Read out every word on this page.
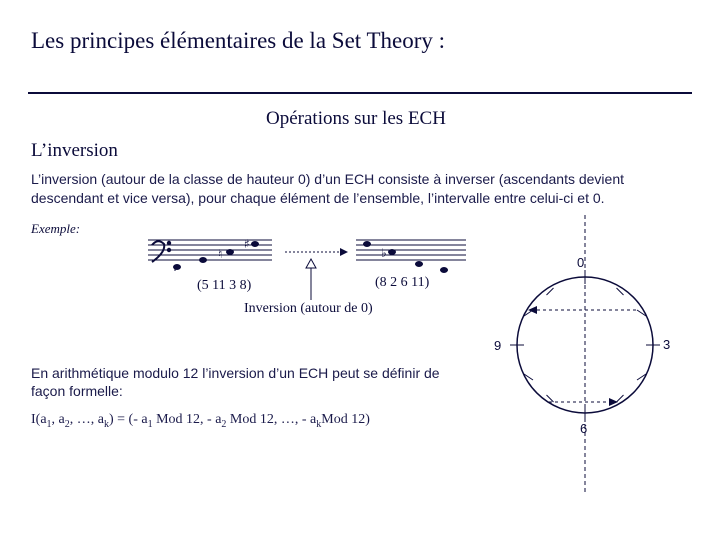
Les principes élémentaires de la Set Theory :
Opérations sur les ECH
L’inversion
L’inversion (autour de la classe de hauteur 0) d’un ECH consiste à inverser (ascendants devient
descendant et vice versa), pour chaque élément de l’ensemble, l’intervalle entre celui-ci et 0.
Exemple:
♮
♯
♭
0
3
6
9
(5 11 3 8)	(8 2 6 11)
Inversion (autour de 0)
En arithmétique modulo 12 l’inversion d’un ECH peut se définir de
façon formelle:
$I(a_1$, $a_2$, …, $a_k$) = (- $a_1$ Mod 12, - $a_2$ Mod 12, …, - $a_kMod$ 12)
